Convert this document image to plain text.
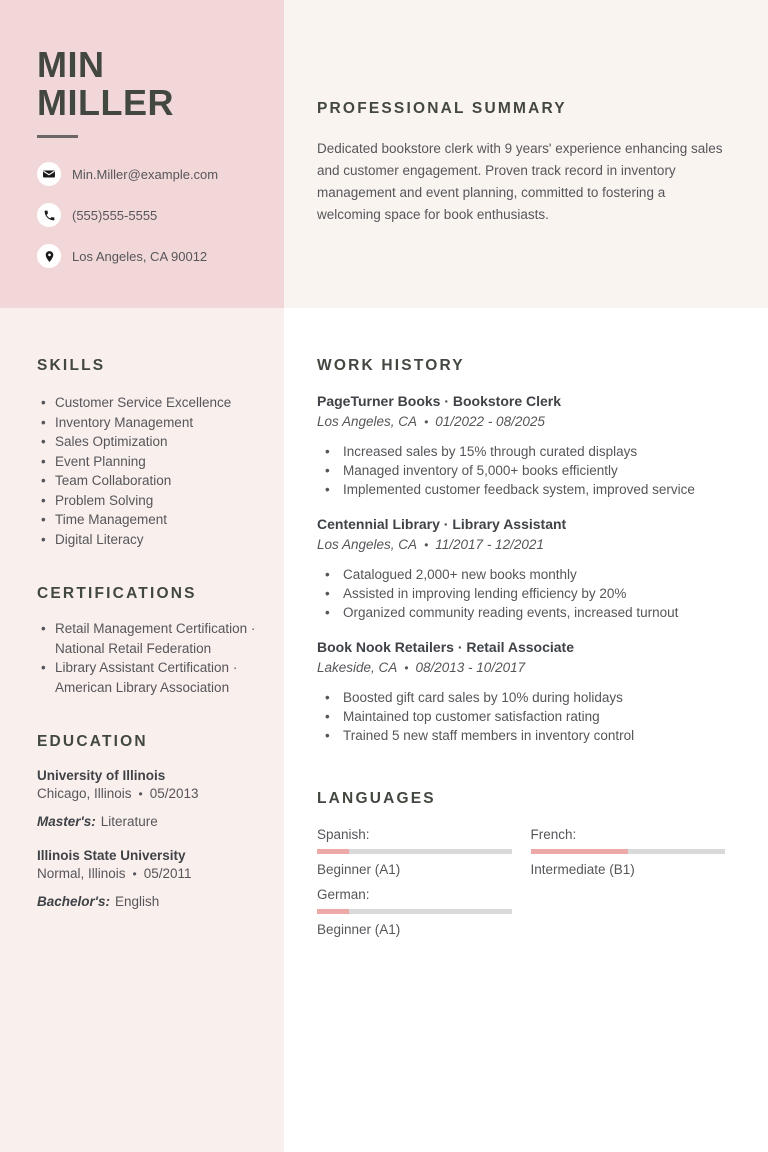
MIN
MILLER
Min.Miller@example.com
(555)555-5555
Los Angeles, CA 90012
SKILLS
• Customer Service Excellence
• Inventory Management
• Sales Optimization
• Event Planning
• Team Collaboration
• Problem Solving
• Time Management
• Digital Literacy
CERTIFICATIONS
• Retail Management Certification · National Retail Federation
• Library Assistant Certification · American Library Association
EDUCATION
University of Illinois
Chicago, Illinois • 05/2013
Master's: Literature
Illinois State University
Normal, Illinois • 05/2011
Bachelor's: English
PROFESSIONAL SUMMARY

Dedicated bookstore clerk with 9 years' experience enhancing sales and customer engagement. Proven track record in inventory management and event planning, committed to fostering a welcoming space for book enthusiasts.

WORK HISTORY
PageTurner Books · Bookstore Clerk
Los Angeles, CA • 01/2022 - 08/2025
• Increased sales by 15% through curated displays
• Managed inventory of 5,000+ books efficiently
• Implemented customer feedback system, improved service
Centennial Library · Library Assistant
Los Angeles, CA • 11/2017 - 12/2021
• Catalogued 2,000+ new books monthly
• Assisted in improving lending efficiency by 20%
• Organized community reading events, increased turnout
Book Nook Retailers · Retail Associate
Lakeside, CA • 08/2013 - 10/2017
• Boosted gift card sales by 10% during holidays
• Maintained top customer satisfaction rating
• Trained 5 new staff members in inventory control
LANGUAGES
Spanish:
Beginner (A1)
French:
Intermediate (B1)
German:
Beginner (A1)
